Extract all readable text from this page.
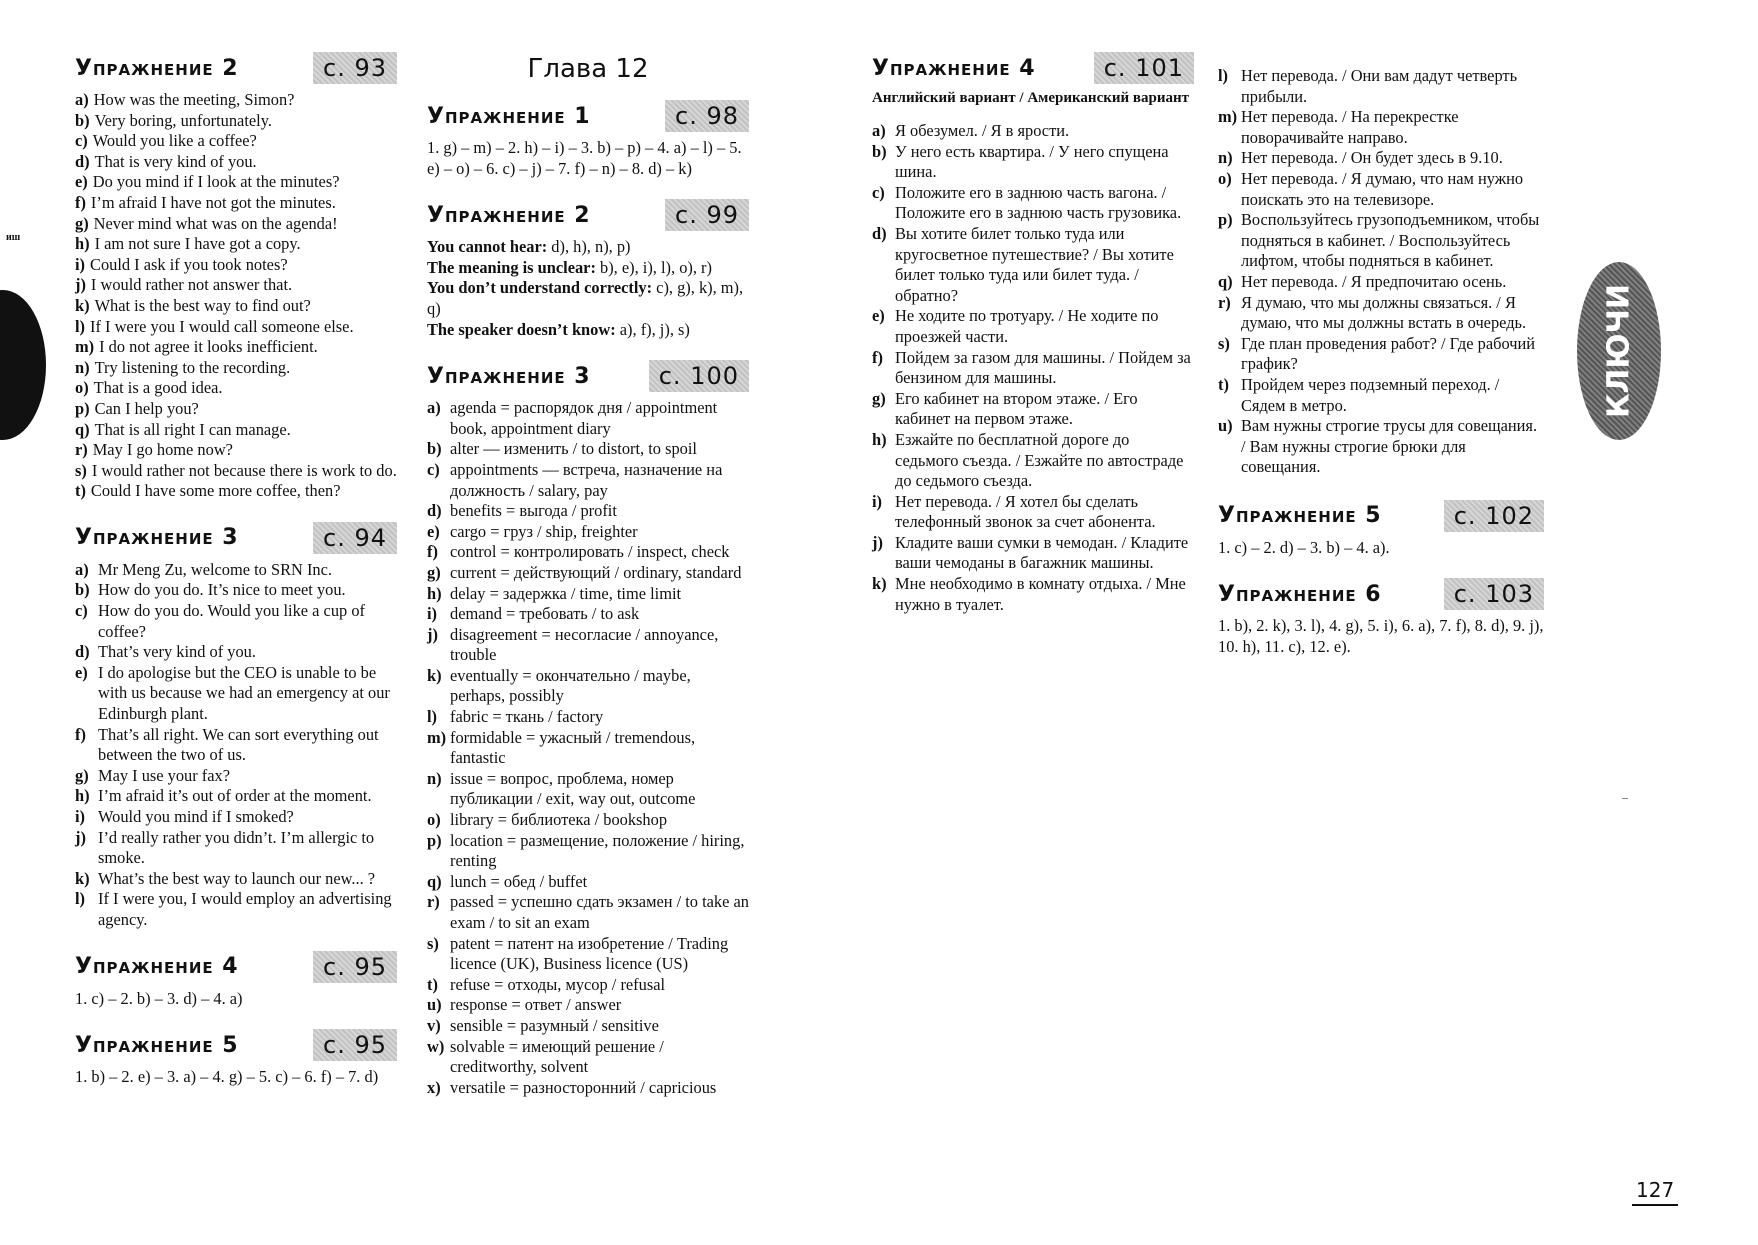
иш
Упражнение 2	с. 93
a) How was the meeting, Simon?
b) Very boring, unfortunately.
c) Would you like a coffee?
d) That is very kind of you.
e) Do you mind if I look at the minutes?
f) I’m afraid I have not got the minutes.
g) Never mind what was on the agenda!
h) I am not sure I have got a copy.
i) Could I ask if you took notes?
j) I would rather not answer that.
k) What is the best way to find out?
l) If I were you I would call someone else.
m) I do not agree it looks inefficient.
n) Try listening to the recording.
o) That is a good idea.
p) Can I help you?
q) That is all right I can manage.
r) May I go home now?
s) I would rather not because there is work to do.
t) Could I have some more coffee, then?
Упражнение 3	с. 94
a) Mr Meng Zu, welcome to SRN Inc.
b) How do you do. It’s nice to meet you.
c) How do you do. Would you like a cup of coffee?
d) That’s very kind of you.
e) I do apologise but the CEO is unable to be with us because we had an emergency at our Edinburgh plant.
f) That’s all right. We can sort everything out between the two of us.
g) May I use your fax?
h) I’m afraid it’s out of order at the moment.
i) Would you mind if I smoked?
j) I’d really rather you didn’t. I’m allergic to smoke.
k) What’s the best way to launch our new... ?
l) If I were you, I would employ an advertising agency.
Упражнение 4	с. 95
1. c) – 2. b) – 3. d) – 4. a)
Упражнение 5	с. 95
1. b) – 2. e) – 3. a) – 4. g) – 5. c) – 6. f) – 7. d)
Глава 12
Упражнение 1	с. 98
1. g) – m) – 2. h) – i) – 3. b) – p) – 4. a) – l) – 5. e) – o) – 6. c) – j) – 7. f) – n) – 8. d) – k)
Упражнение 2	с. 99
You cannot hear: d), h), n), p)
The meaning is unclear: b), e), i), l), o), r)
You don’t understand correctly: c), g), k), m), q)
The speaker doesn’t know: a), f), j), s)
Упражнение 3	с. 100
a) agenda = распорядок дня / appointment book, appointment diary
b) alter — изменить / to distort, to spoil
c) appointments — встреча, назначение на должность / salary, pay
d) benefits = выгода / profit
e) cargo = груз / ship, freighter
f) control = контролировать / inspect, check
g) current = действующий / ordinary, standard
h) delay = задержка / time, time limit
i) demand = требовать / to ask
j) disagreement = несогласие / annoyance, trouble
k) eventually = окончательно / maybe, perhaps, possibly
l) fabric = ткань / factory
m) formidable = ужасный / tremendous, fantastic
n) issue = вопрос, проблема, номер публикации / exit, way out, outcome
o) library = библиотека / bookshop
p) location = размещение, положение / hiring, renting
q) lunch = обед / buffet
r) passed = успешно сдать экзамен / to take an exam / to sit an exam
s) patent = патент на изобретение / Trading licence (UK), Business licence (US)
t) refuse = отходы, мусор / refusal
u) response = ответ / answer
v) sensible = разумный / sensitive
w) solvable = имеющий решение / creditworthy, solvent
x) versatile = разносторонний / capricious
Упражнение 4	с. 101
Английский вариант / Американский вариант
a) Я обезумел. / Я в ярости.
b) У него есть квартира. / У него спущена шина.
c) Положите его в заднюю часть вагона. / Положите его в заднюю часть грузовика.
d) Вы хотите билет только туда или кругосветное путешествие? / Вы хотите билет только туда или билет туда. / обратно?
e) Не ходите по тротуару. / Не ходите по проезжей части.
f) Пойдем за газом для машины. / Пойдем за бензином для машины.
g) Его кабинет на втором этаже. / Его кабинет на первом этаже.
h) Езжайте по бесплатной дороге до седьмого съезда. / Езжайте по автостраде до седьмого съезда.
i) Нет перевода. / Я хотел бы сделать телефонный звонок за счет абонента.
j) Кладите ваши сумки в чемодан. / Кладите ваши чемоданы в багажник машины.
k) Мне необходимо в комнату отдыха. / Мне нужно в туалет.
l) Нет перевода. / Они вам дадут четверть прибыли.
m) Нет перевода. / На перекрестке поворачивайте направо.
n) Нет перевода. / Он будет здесь в 9.10.
o) Нет перевода. / Я думаю, что нам нужно поискать это на телевизоре.
p) Воспользуйтесь грузоподъемником, чтобы подняться в кабинет. / Воспользуйтесь лифтом, чтобы подняться в кабинет.
q) Нет перевода. / Я предпочитаю осень.
r) Я думаю, что мы должны связаться. / Я думаю, что мы должны встать в очередь.
s) Где план проведения работ? / Где рабочий график?
t) Пройдем через подземный переход. / Сядем в метро.
u) Вам нужны строгие трусы для совещания. / Вам нужны строгие брюки для совещания.
Упражнение 5	с. 102
1. c) – 2. d) – 3. b) – 4. a).
Упражнение 6	с. 103
1. b), 2. k), 3. l), 4. g), 5. i), 6. a), 7. f), 8. d), 9. j), 10. h), 11. c), 12. e).
КЛЮЧИ
127
